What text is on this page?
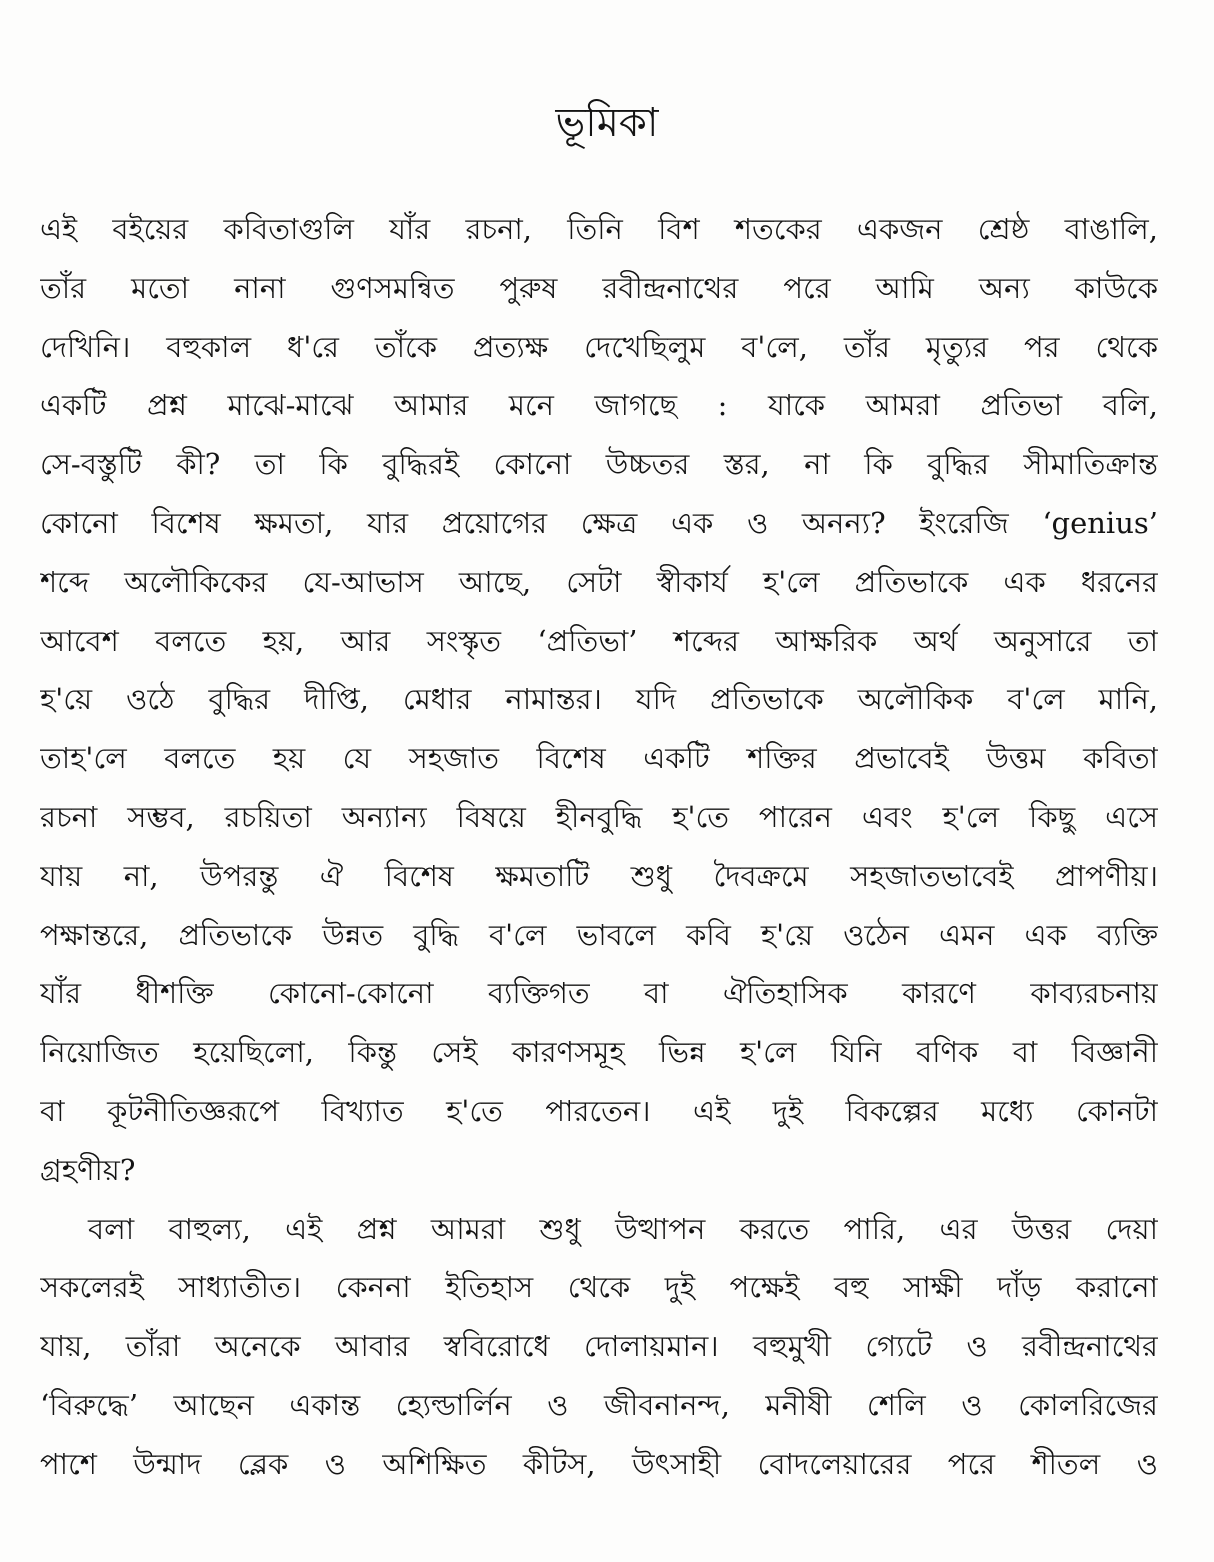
ভূমিকা
এই বইয়ের কবিতাগুলি যাঁর রচনা, তিনি বিশ শতকের একজন শ্রেষ্ঠ বাঙালি,
তাঁর মতো নানা গুণসমন্বিত পুরুষ রবীন্দ্রনাথের পরে আমি অন্য কাউকে
দেখিনি। বহুকাল ধ'রে তাঁকে প্রত্যক্ষ দেখেছিলুম ব'লে, তাঁর মৃত্যুর পর থেকে
একটি প্রশ্ন মাঝে-মাঝে আমার মনে জাগছে : যাকে আমরা প্রতিভা বলি,
সে-বস্তুটি কী? তা কি বুদ্ধিরই কোনো উচ্চতর স্তর, না কি বুদ্ধির সীমাতিক্রান্ত
কোনো বিশেষ ক্ষমতা, যার প্রয়োগের ক্ষেত্র এক ও অনন্য? ইংরেজি ‘genius’
শব্দে অলৌকিকের যে-আভাস আছে, সেটা স্বীকার্য হ'লে প্রতিভাকে এক ধরনের
আবেশ বলতে হয়, আর সংস্কৃত ‘প্রতিভা’ শব্দের আক্ষরিক অর্থ অনুসারে তা
হ'য়ে ওঠে বুদ্ধির দীপ্তি, মেধার নামান্তর। যদি প্রতিভাকে অলৌকিক ব'লে মানি,
তাহ'লে বলতে হয় যে সহজাত বিশেষ একটি শক্তির প্রভাবেই উত্তম কবিতা
রচনা সম্ভব, রচয়িতা অন্যান্য বিষয়ে হীনবুদ্ধি হ'তে পারেন এবং হ'লে কিছু এসে
যায় না, উপরন্তু ঐ বিশেষ ক্ষমতাটি শুধু দৈবক্রমে সহজাতভাবেই প্রাপণীয়।
পক্ষান্তরে, প্রতিভাকে উন্নত বুদ্ধি ব'লে ভাবলে কবি হ'য়ে ওঠেন এমন এক ব্যক্তি
যাঁর ধীশক্তি কোনো-কোনো ব্যক্তিগত বা ঐতিহাসিক কারণে কাব্যরচনায়
নিয়োজিত হয়েছিলো, কিন্তু সেই কারণসমূহ ভিন্ন হ'লে যিনি বণিক বা বিজ্ঞানী
বা কূটনীতিজ্ঞরূপে বিখ্যাত হ'তে পারতেন। এই দুই বিকল্পের মধ্যে কোনটা
গ্রহণীয়?
বলা বাহুল্য, এই প্রশ্ন আমরা শুধু উত্থাপন করতে পারি, এর উত্তর দেয়া
সকলেরই সাধ্যাতীত। কেননা ইতিহাস থেকে দুই পক্ষেই বহু সাক্ষী দাঁড় করানো
যায়, তাঁরা অনেকে আবার স্ববিরোধে দোলায়মান। বহুমুখী গ্যেটে ও রবীন্দ্রনাথের
‘বিরুদ্ধে’ আছেন একান্ত হ্যেল্ডার্লিন ও জীবনানন্দ, মনীষী শেলি ও কোলরিজের
পাশে উন্মাদ ব্লেক ও অশিক্ষিত কীটস, উৎসাহী বোদলেয়ারের পরে শীতল ও
